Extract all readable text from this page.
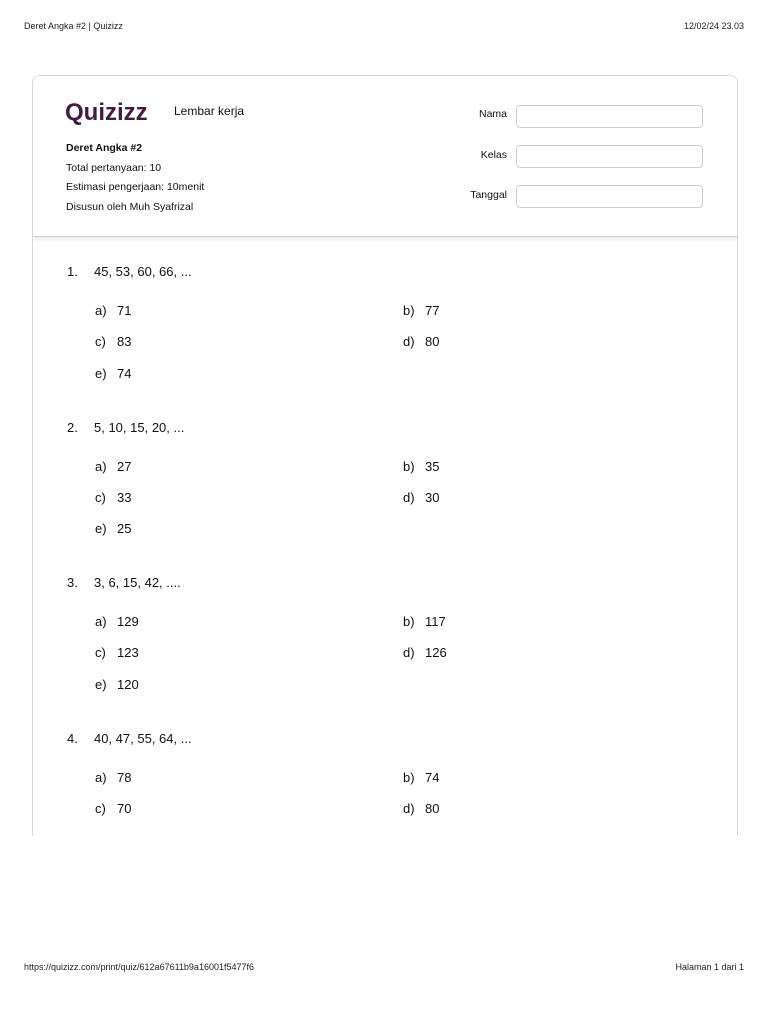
Deret Angka #2 | Quizizz	12/02/24 23.03
Quizizz Lembar kerja
Deret Angka #2
Total pertanyaan: 10
Estimasi pengerjaan: 10menit
Disusun oleh Muh Syafrizal
Nama
Kelas
Tanggal
1. 45, 53, 60, 66, ...
a) 71	b) 77
c) 83	d) 80
e) 74
2. 5, 10, 15, 20, ...
a) 27	b) 35
c) 33	d) 30
e) 25
3. 3, 6, 15, 42, ....
a) 129	b) 117
c) 123	d) 126
e) 120
4. 40, 47, 55, 64, ...
a) 78	b) 74
c) 70	d) 80
https://quizizz.com/print/quiz/612a67611b9a16001f5477f6	Halaman 1 dari 1
